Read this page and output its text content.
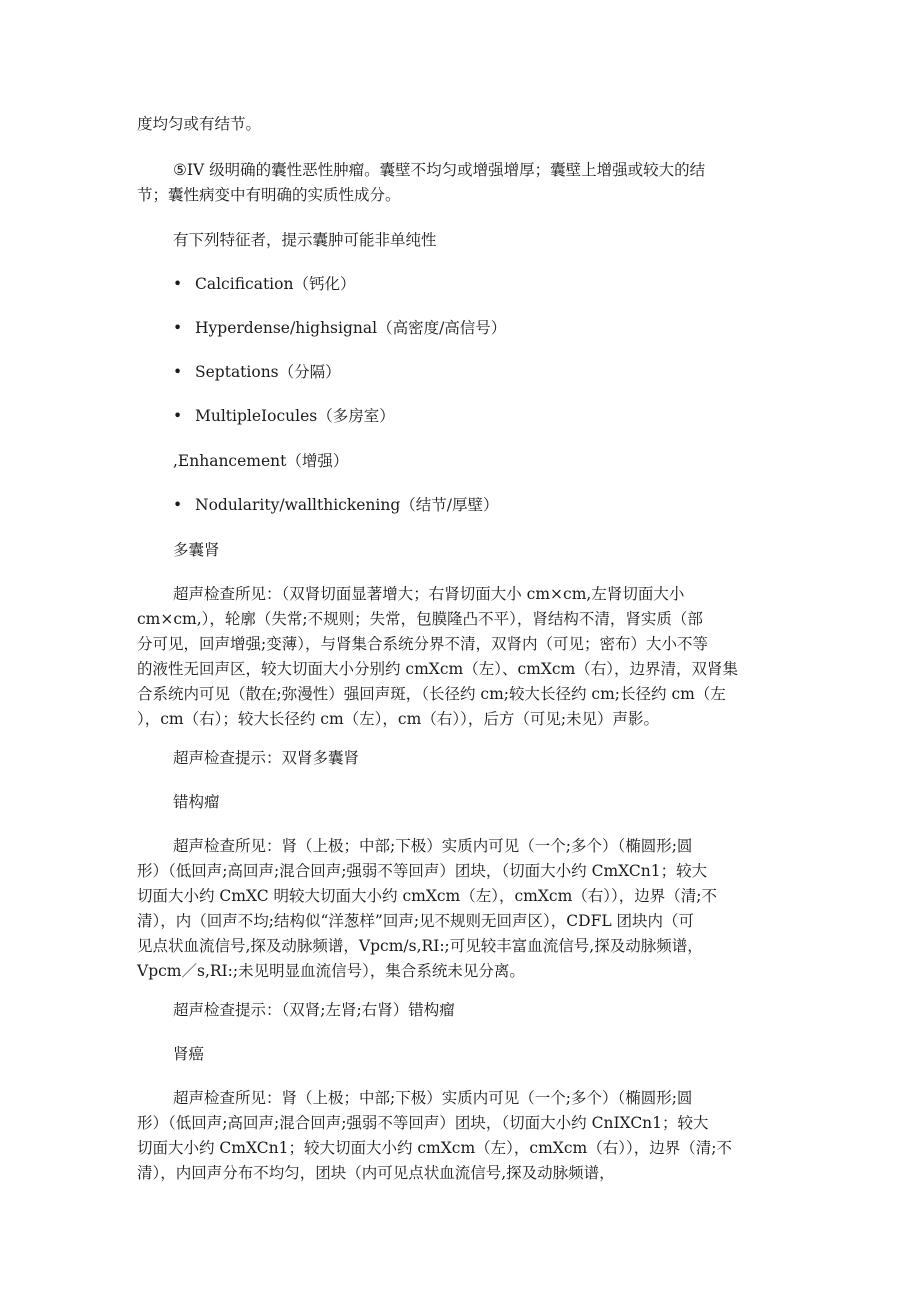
度均匀或有结节。

⑤IV 级明确的囊性恶性肿瘤。囊壁不均匀或增强增厚；囊壁上增强或较大的结
节；囊性病变中有明确的实质性成分。

有下列特征者，提示囊肿可能非单纯性

• Calcification（钙化）

• Hyperdense/highsignal（高密度/高信号）

• Septations（分隔）

• MultipleIocules（多房室）

,Enhancement（增强）

• Nodularity/wallthickening（结节/厚壁）

多囊肾

超声检查所见：（双肾切面显著增大；右肾切面大小 cm×cm,左肾切面大小
cm×cm,），轮廓（失常;不规则；失常，包膜隆凸不平），肾结构不清，肾实质（部
分可见，回声增强;变薄），与肾集合系统分界不清，双肾内（可见；密布）大小不等
的液性无回声区，较大切面大小分别约 cmXcm（左）、cmXcm（右），边界清，双肾集
合系统内可见（散在;弥漫性）强回声斑，（长径约 cm;较大长径约 cm;长径约 cm（左
），cm（右）；较大长径约 cm（左），cm（右）），后方（可见;未见）声影。

超声检查提示：双肾多囊肾

错构瘤

超声检查所见：肾（上极；中部;下极）实质内可见（一个;多个）（椭圆形;圆
形）（低回声;高回声;混合回声;强弱不等回声）团块，（切面大小约 CmXCn1；较大
切面大小约 CmXC 明较大切面大小约 cmXcm（左），cmXcm（右）），边界（清;不
清），内（回声不均;结构似“洋葱样”回声;见不规则无回声区），CDFL 团块内（可
见点状血流信号,探及动脉频谱，Vpcm/s,RI:;可见较丰富血流信号,探及动脉频谱，
Vpcm／s,RI:;未见明显血流信号），集合系统未见分离。

超声检查提示：（双肾;左肾;右肾）错构瘤

肾癌

超声检查所见：肾（上极；中部;下极）实质内可见（一个;多个）（椭圆形;圆
形）（低回声;高回声;混合回声;强弱不等回声）团块，（切面大小约 CnIXCn1；较大
切面大小约 CmXCn1；较大切面大小约 cmXcm（左），cmXcm（右）），边界（清;不
清），内回声分布不均匀，团块（内可见点状血流信号,探及动脉频谱，
